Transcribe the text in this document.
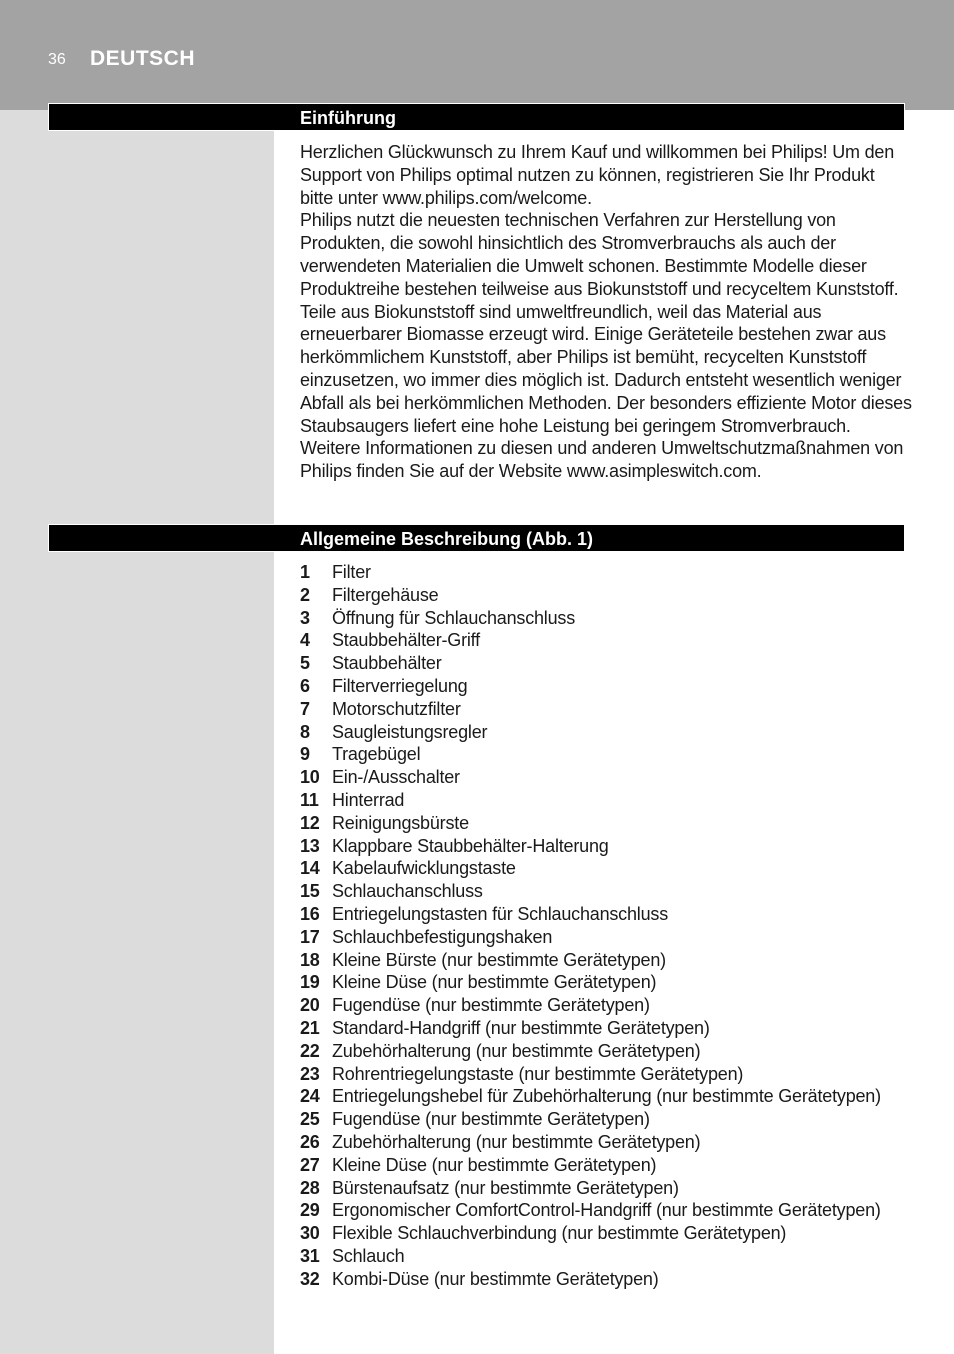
36 DEUTSCH
Einführung

Herzlichen Glückwunsch zu Ihrem Kauf und willkommen bei Philips! Um den Support von Philips optimal nutzen zu können, registrieren Sie Ihr Produkt bitte unter www.philips.com/welcome.

Philips nutzt die neuesten technischen Verfahren zur Herstellung von Produkten, die sowohl hinsichtlich des Stromverbrauchs als auch der verwendeten Materialien die Umwelt schonen. Bestimmte Modelle dieser Produktreihe bestehen teilweise aus Biokunststoff und recyceltem Kunststoff. Teile aus Biokunststoff sind umweltfreundlich, weil das Material aus erneuerbarer Biomasse erzeugt wird. Einige Geräteteile bestehen zwar aus herkömmlichem Kunststoff, aber Philips ist bemüht, recycelten Kunststoff einzusetzen, wo immer dies möglich ist. Dadurch entsteht wesentlich weniger Abfall als bei herkömmlichen Methoden. Der besonders effiziente Motor dieses Staubsaugers liefert eine hohe Leistung bei geringem Stromverbrauch.

Weitere Informationen zu diesen und anderen Umweltschutzmaßnahmen von Philips finden Sie auf der Website www.asimpleswitch.com.

Allgemeine Beschreibung (Abb. 1)
1	Filter
2	Filtergehäuse
3	Öffnung für Schlauchanschluss
4	Staubbehälter-Griff
5	Staubbehälter
6	Filterverriegelung
7	Motorschutzfilter
8	Saugleistungsregler
9	Tragebügel
10 Ein-/Ausschalter
11 Hinterrad
12 Reinigungsbürste
13 Klappbare Staubbehälter-Halterung
14 Kabelaufwicklungstaste
15 Schlauchanschluss
16 Entriegelungstasten für Schlauchanschluss
17 Schlauchbefestigungshaken
18 Kleine Bürste (nur bestimmte Gerätetypen)
19 Kleine Düse (nur bestimmte Gerätetypen)
20 Fugendüse (nur bestimmte Gerätetypen)
21 Standard-Handgriff (nur bestimmte Gerätetypen)
22 Zubehörhalterung (nur bestimmte Gerätetypen)
23 Rohrentriegelungstaste (nur bestimmte Gerätetypen)
24 Entriegelungshebel für Zubehörhalterung (nur bestimmte Gerätetypen)
25 Fugendüse (nur bestimmte Gerätetypen)
26 Zubehörhalterung (nur bestimmte Gerätetypen)
27 Kleine Düse (nur bestimmte Gerätetypen)
28 Bürstenaufsatz (nur bestimmte Gerätetypen)
29 Ergonomischer ComfortControl-Handgriff (nur bestimmte Gerätetypen)
30 Flexible Schlauchverbindung (nur bestimmte Gerätetypen)
31 Schlauch
32 Kombi-Düse (nur bestimmte Gerätetypen)
